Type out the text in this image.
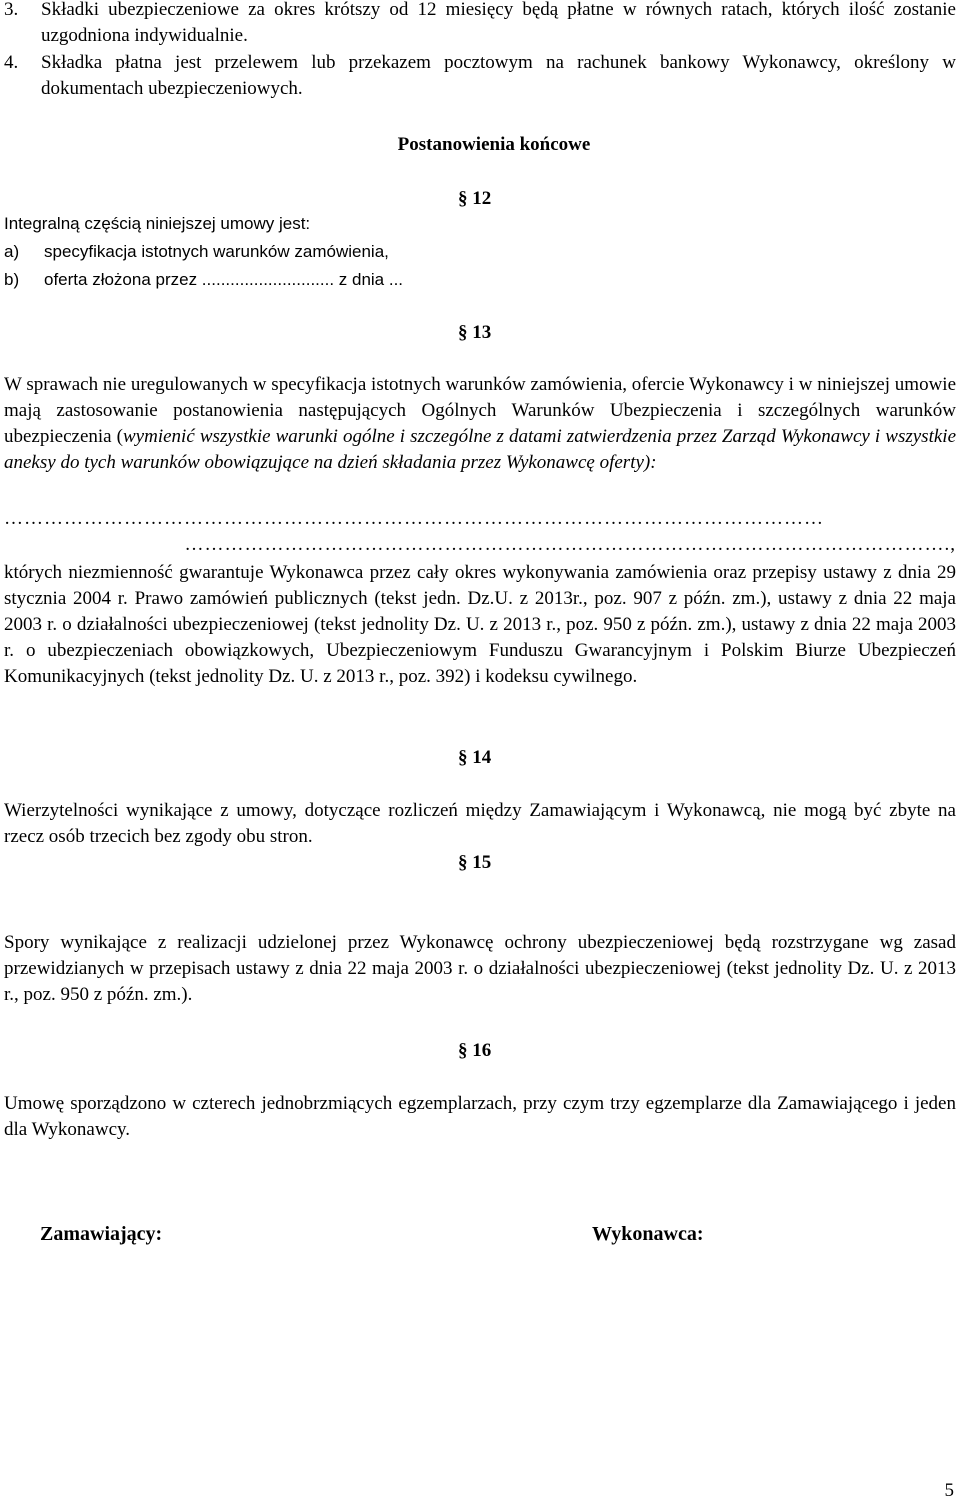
3.	Składki ubezpieczeniowe za okres krótszy od 12 miesięcy będą płatne w równych ratach, których ilość zostanie uzgodniona indywidualnie.
4.	Składka płatna jest przelewem lub przekazem pocztowym na rachunek bankowy Wykonawcy, określony w dokumentach ubezpieczeniowych.
Postanowienia końcowe
§ 12
Integralną częścią niniejszej umowy jest:
a)	specyfikacja istotnych warunków zamówienia,
b)	oferta złożona przez ............................ z dnia ...
§ 13

W sprawach nie uregulowanych w specyfikacja istotnych warunków zamówienia, ofercie Wykonawcy i w niniejszej umowie mają zastosowanie postanowienia następujących Ogólnych Warunków Ubezpieczenia i szczególnych warunków ubezpieczenia (wymienić wszystkie warunki ogólne i szczególne z datami zatwierdzenia przez Zarząd Wykonawcy i wszystkie aneksy do tych warunków obowiązujące na dzień składania przez Wykonawcę oferty):

……………………………………………………………………………………………………………
…………………………………………………………………………………………………….,

których niezmienność gwarantuje Wykonawca przez cały okres wykonywania zamówienia oraz przepisy ustawy z dnia 29 stycznia 2004 r. Prawo zamówień publicznych (tekst jedn. Dz.U. z 2013r., poz. 907 z późn. zm.), ustawy z dnia 22 maja 2003 r. o działalności ubezpieczeniowej (tekst jednolity Dz. U. z 2013 r., poz. 950 z późn. zm.), ustawy z dnia 22 maja 2003 r. o ubezpieczeniach obowiązkowych, Ubezpieczeniowym Funduszu Gwarancyjnym i Polskim Biurze Ubezpieczeń Komunikacyjnych (tekst jednolity Dz. U. z 2013 r., poz. 392) i kodeksu cywilnego.

§ 14

Wierzytelności wynikające z umowy, dotyczące rozliczeń między Zamawiającym i Wykonawcą, nie mogą być zbyte na rzecz osób trzecich bez zgody obu stron.

§ 15

Spory wynikające z realizacji udzielonej przez Wykonawcę ochrony ubezpieczeniowej będą rozstrzygane wg zasad przewidzianych w przepisach ustawy z dnia 22 maja 2003 r. o działalności ubezpieczeniowej (tekst jednolity Dz. U. z 2013 r., poz. 950 z późn. zm.).

§ 16

Umowę sporządzono w czterech jednobrzmiących egzemplarzach, przy czym trzy egzemplarze dla Zamawiającego i jeden dla Wykonawcy.

Zamawiający:	Wykonawca:
5
